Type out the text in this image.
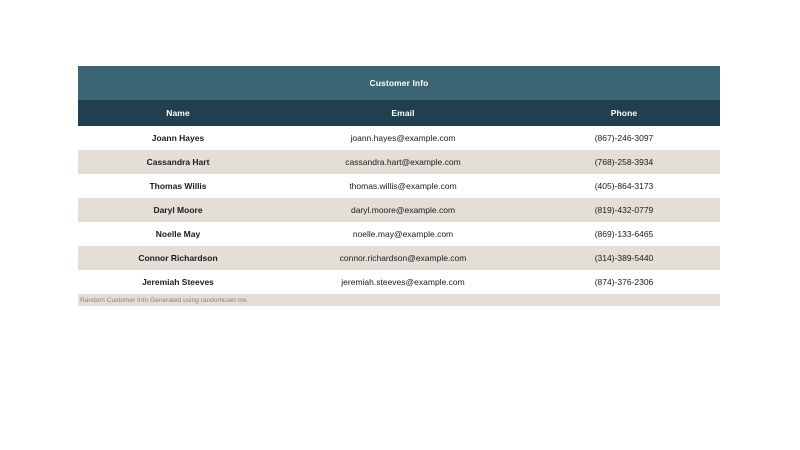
Customer Info		
Name	Email	Phone
Joann Hayes	joann.hayes@example.com	(867)-246-3097
Cassandra Hart	cassandra.hart@example.com	(768)-258-3934
Thomas Willis	thomas.willis@example.com	(405)-864-3173
Daryl Moore	daryl.moore@example.com	(819)-432-0779
Noelle May	noelle.may@example.com	(869)-133-6465
Connor Richardson	connor.richardson@example.com	(314)-389-5440
Jeremiah Steeves	jeremiah.steeves@example.com	(874)-376-2306
Random Customer Info Generated using randomuser.me.		
